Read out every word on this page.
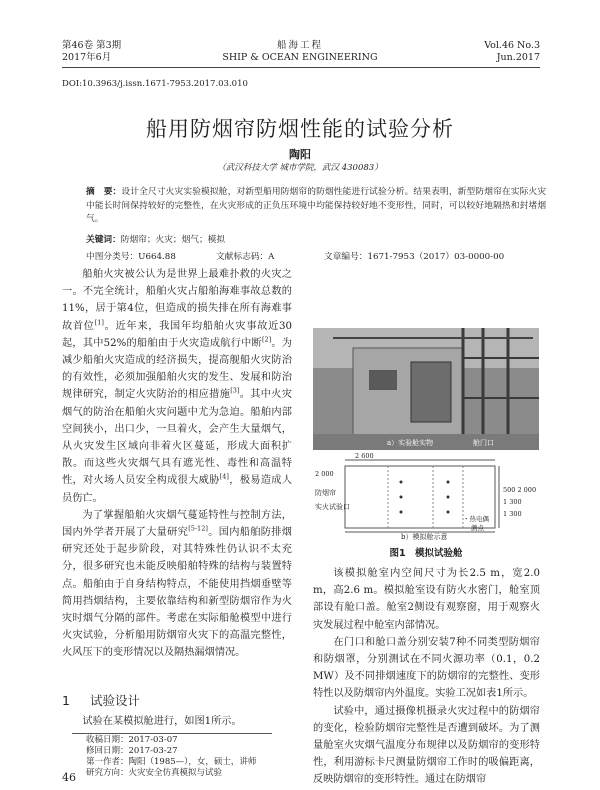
第46卷 第3期
2017年6月
船海工程
SHIP & OCEAN ENGINEERING
Vol.46 No.3
Jun.2017
DOI:10.3963/j.issn.1671-7953.2017.03.010
船用防烟帘防烟性能的试验分析
陶阳
（武汉科技大学 城市学院，武汉 430083）
摘　要：设计全尺寸火灾实验模拟舱，对新型船用防烟帘的防烟性能进行试验分析。结果表明，新型防烟帘在实际火灾中能长时间保持较好的完整性，在火灾形成的正负压环境中均能保持较好地不变形性，同时，可以较好地隔热和封堵烟气。
关键词：防烟帘；火灾；烟气；模拟
中图分类号：U664.88	文献标志码：A	文章编号：1671-7953（2017）03-0000-00

船舶火灾被公认为是世界上最难扑救的火灾之一。不完全统计，船舶火灾占船舶海难事故总数的11%，居于第4位，但造成的损失排在所有海难事故首位[1]。近年来，我国年均船舶火灾事故近30起，其中52%的船舶由于火灾造成航行中断[2]。为减少船舶火灾造成的经济损失，提高舰船火灾防治的有效性，必须加强船舶火灾的发生、发展和防治规律研究，制定火灾防治的相应措施[3]。其中火灾烟气的防治在船舶火灾问题中尤为急迫。船舶内部空间狭小，出口少，一旦着火，会产生大量烟气，从火灾发生区域向非着火区蔓延，形成大面积扩散。而这些火灾烟气具有遮光性、毒性和高温特性，对火场人员安全构成很大威胁[4]，极易造成人员伤亡。

为了掌握船舶火灾烟气蔓延特性与控制方法，国内外学者开展了大量研究[5-12]。国内船舶防排烟研究还处于起步阶段，对其特殊性仍认识不太充分，很多研究也未能反映船舶特殊的结构与装置特点。船舶由于自身结构特点，不能使用挡烟垂壁等简用挡烟结构，主要依靠结构和新型防烟帘作为火灾时烟气分隔的部件。考虑在实际船舱模型中进行火灾试验，分析船用防烟帘火灾下的高温完整性，火风压下的变形情况以及隔热漏烟情况。

1 试验设计

试验在某模拟舱进行，如图1所示。

收稿日期：2017-03-07
修回日期：2017-03-27
a）实验舱实物	舱门口
2 600
2 000
500 2 000
1 300
1 300
防烟帘
实火试验口
・热电偶
测点
b）模拟舱示意
图1　模拟试验舱

该模拟舱室内空间尺寸为长2.5 m，宽2.0 m，高2.6 m。模拟舱室设有防火水密门，舱室顶部设有舱口盖。舱室2侧设有观察窗，用于观察火灾发展过程中舱室内部情况。

在门口和舱口盖分别安装7种不同类型防烟帘和防烟罩，分别测试在不同火源功率（0.1，0.2 MW）及不同排烟速度下的防烟帘的完整性、变形特性以及防烟帘内外温度。实验工况如表1所示。

试验中，通过摄像机摄录火灾过程中的防烟帘的变化，检验防烟帘完整性是否遭到破坏。为了测量舱室火灾烟气温度分布规律以及防烟帘的变形特性，利用游标卡尺测量防烟帘工作时的吸偏距离，反映防烟帘的变形特性。通过在防烟帘

46
第一作者：陶阳（1985—），女，硕士，讲师
研究方向：火灾安全仿真模拟与试验
